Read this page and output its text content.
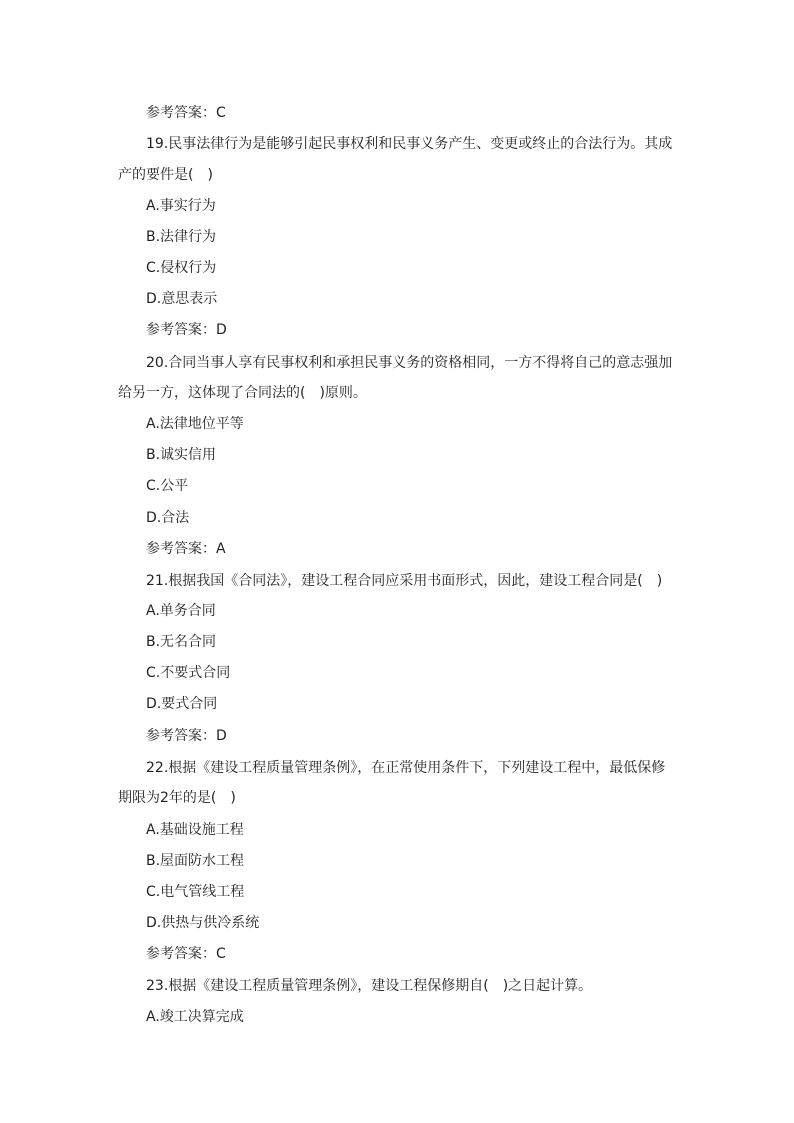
参考答案：C
19.民事法律行为是能够引起民事权利和民事义务产生、变更或终止的合法行为。其成
产的要件是(　)
A.事实行为
B.法律行为
C.侵权行为
D.意思表示
参考答案：D
20.合同当事人享有民事权利和承担民事义务的资格相同，一方不得将自己的意志强加
给另一方，这体现了合同法的(　)原则。
A.法律地位平等
B.诚实信用
C.公平
D.合法
参考答案：A
21.根据我国《合同法》，建设工程合同应采用书面形式，因此，建设工程合同是(　)
A.单务合同
B.无名合同
C.不要式合同
D.要式合同
参考答案：D
22.根据《建设工程质量管理条例》，在正常使用条件下，下列建设工程中，最低保修
期限为2年的是(　)
A.基础设施工程
B.屋面防水工程
C.电气管线工程
D.供热与供冷系统
参考答案：C
23.根据《建设工程质量管理条例》，建设工程保修期自(　)之日起计算。
A.竣工决算完成
